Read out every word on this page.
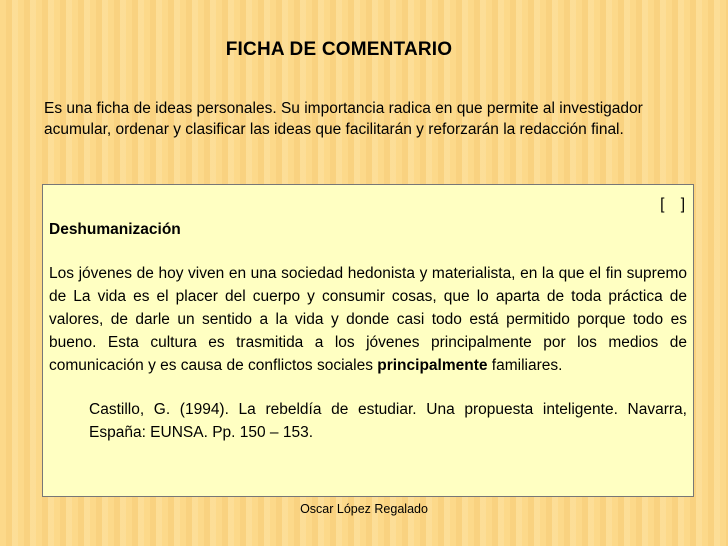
FICHA DE COMENTARIO
Es una ficha de ideas personales. Su importancia radica en que permite al investigador acumular, ordenar y clasificar las ideas que facilitarán y reforzarán la redacción final.
[ ]
Deshumanización
Los jóvenes de hoy viven en una sociedad hedonista y materialista, en la que el fin supremo de La vida es el placer del cuerpo y consumir cosas, que lo aparta de toda práctica de valores, de darle un sentido a la vida y donde casi todo está permitido porque todo es bueno. Esta cultura es trasmitida a los jóvenes principalmente por los medios de comunicación y es causa de conflictos sociales principalmente familiares.
Castillo, G. (1994). La rebeldía de estudiar. Una propuesta inteligente. Navarra, España: EUNSA. Pp. 150 – 153.
Oscar López Regalado
